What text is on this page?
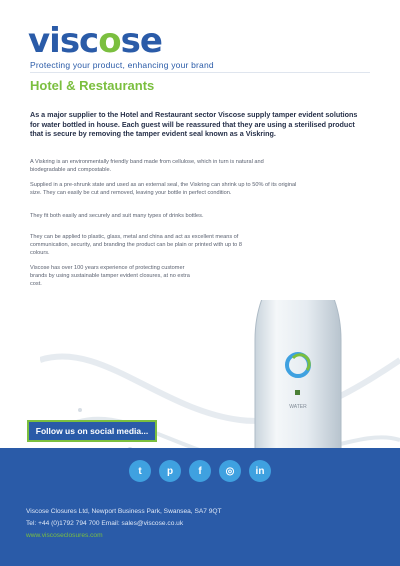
viscose
Protecting your product, enhancing your brand
Hotel & Restaurants

As a major supplier to the Hotel and Restaurant sector Viscose supply tamper evident solutions for water bottled in house. Each guest will be reassured that they are using a sterilised product that is secure by removing the tamper evident seal known as a Viskring.

A Viskring is an environmentally friendly band made from cellulose, which in turn is natural and biodegradable and compostable.

Supplied in a pre-shrunk state and used as an external seal, the Viskring can shrink up to 50% of its original size. They can easily be cut and removed, leaving your bottle in perfect condition.

They fit both easily and securely and suit many types of drinks bottles.

They can be applied to plastic, glass, metal and china and act as excellent means of communication, security, and branding the product can be plain or printed with up to 8 colours.

Viscose has over 100 years experience of protecting customer brands by using sustainable tamper evident closures, at no extra cost.

WATER
Follow us on social media...
t	p	f	◎	in
Viscose Closures Ltd, Newport Business Park, Swansea, SA7 9QT
Tel: +44 (0)1792 794 700 Email: sales@viscose.co.uk
www.viscoseclosures.com
